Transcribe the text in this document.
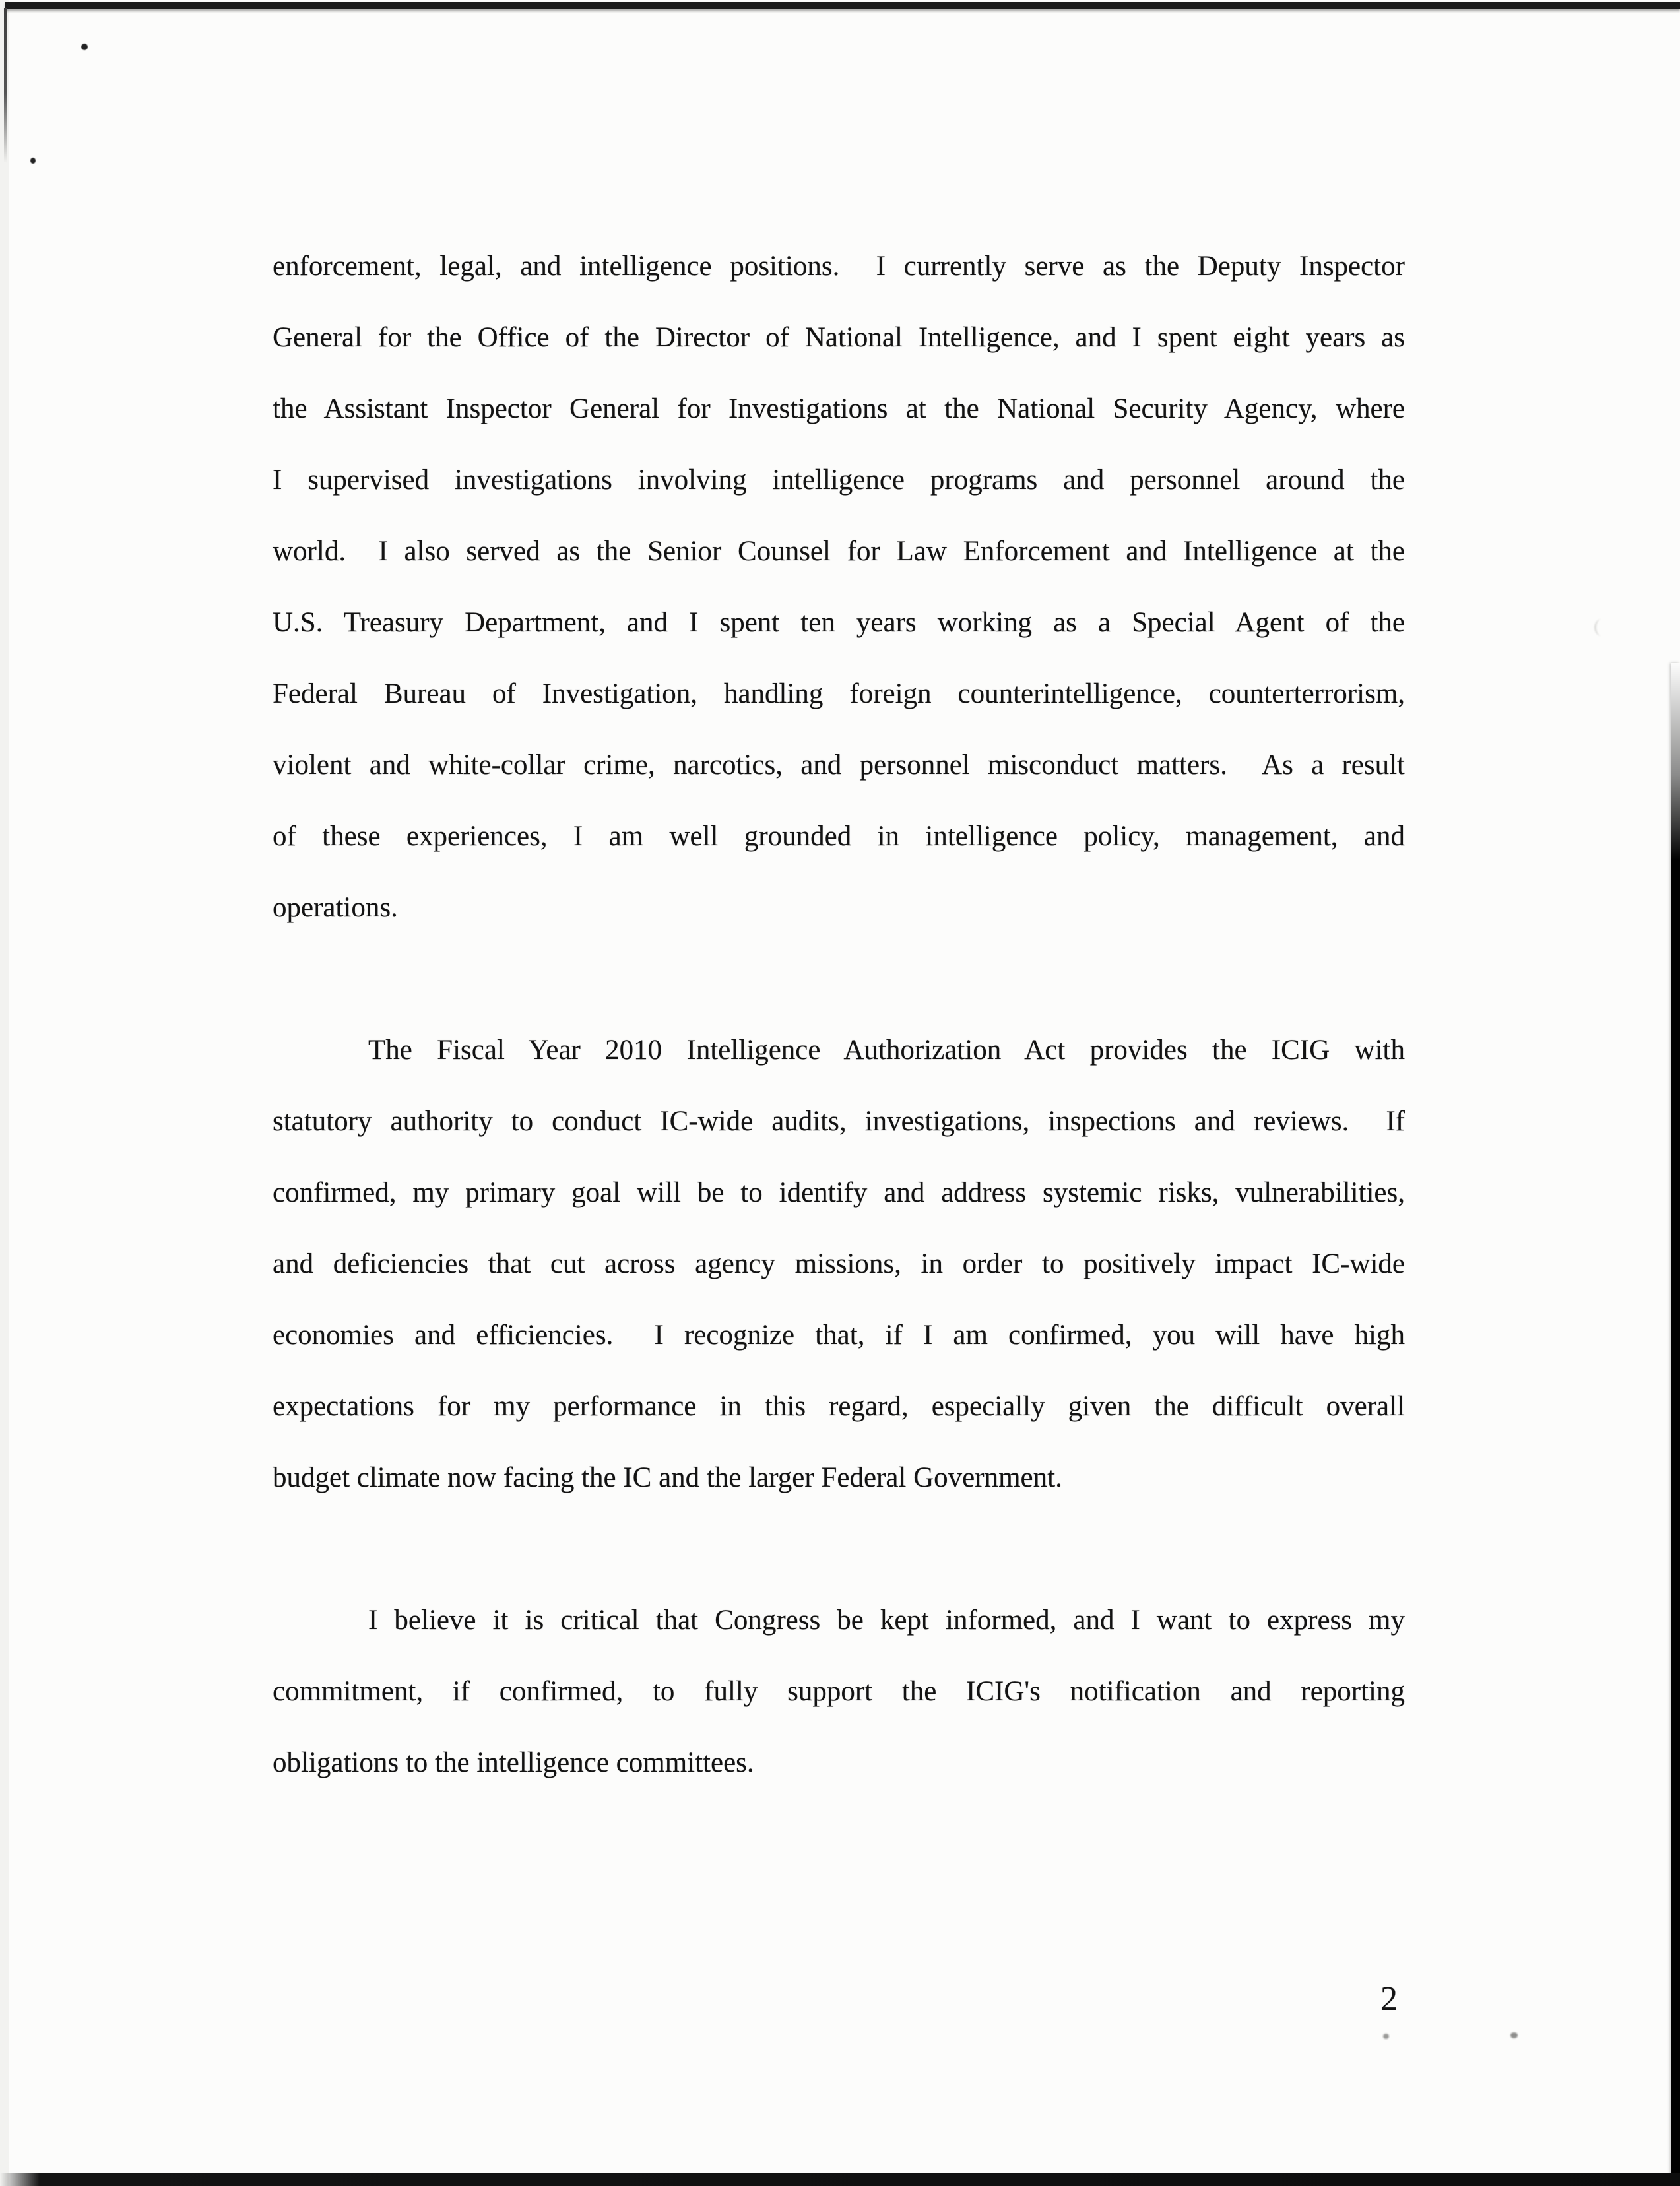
enforcement, legal, and intelligence positions.  I currently serve as the Deputy Inspector
General for the Office of the Director of National Intelligence, and I spent eight years as
the Assistant Inspector General for Investigations at the National Security Agency, where
I supervised investigations involving intelligence programs and personnel around the
world.  I also served as the Senior Counsel for Law Enforcement and Intelligence at the
U.S. Treasury Department, and I spent ten years working as a Special Agent of the
Federal Bureau of Investigation, handling foreign counterintelligence, counterterrorism,
violent and white-collar crime, narcotics, and personnel misconduct matters.  As a result
of these experiences, I am well grounded in intelligence policy, management, and
operations.
The Fiscal Year 2010 Intelligence Authorization Act provides the ICIG with
statutory authority to conduct IC-wide audits, investigations, inspections and reviews.  If
confirmed, my primary goal will be to identify and address systemic risks, vulnerabilities,
and deficiencies that cut across agency missions, in order to positively impact IC-wide
economies and efficiencies.  I recognize that, if I am confirmed, you will have high
expectations for my performance in this regard, especially given the difficult overall
budget climate now facing the IC and the larger Federal Government.
I believe it is critical that Congress be kept informed, and I want to express my
commitment, if confirmed, to fully support the ICIG's notification and reporting
obligations to the intelligence committees.
2
